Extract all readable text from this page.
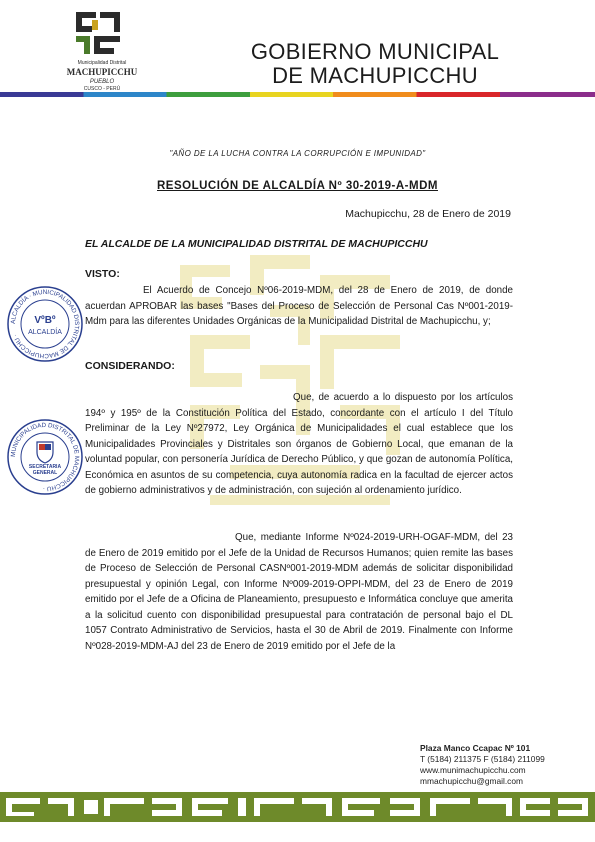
Municipalidad Distrital
MACHUPICCHU
PUEBLO
CUSCO - PERÚ
GOBIERNO MUNICIPAL
DE MACHUPICCHU
"AÑO DE LA LUCHA CONTRA LA CORRUPCIÓN E IMPUNIDAD"
RESOLUCIÓN DE ALCALDÍA Nº 30-2019-A-MDM
Machupicchu, 28 de Enero de 2019
EL ALCALDE DE LA MUNICIPALIDAD DISTRITAL DE MACHUPICCHU
VISTO:
El Acuerdo de Concejo Nº06-2019-MDM, del 28 de Enero de 2019, de donde acuerdan APROBAR las bases "Bases del Proceso de Selección de Personal Cas Nº001-2019-Mdm para las diferentes Unidades Orgánicas de la Municipalidad Distrital de Machupicchu, y;
CONSIDERANDO:
Que, de acuerdo a lo dispuesto por los artículos 194º y 195º de la Constitución Política del Estado, concordante con el artículo I del Título Preliminar de la Ley Nº27972, Ley Orgánica de Municipalidades el cual establece que los Municipalidades Provinciales y Distritales son órganos de Gobierno Local, que emanan de la voluntad popular, con personería Jurídica de Derecho Público, y que gozan de autonomía Política, Económica en asuntos de su competencia, cuya autonomía radica en la facultad de ejercer actos de gobierno administrativos y de administración, con sujeción al ordenamiento jurídico.
Que, mediante Informe Nº024-2019-URH-OGAF-MDM, del 23 de Enero de 2019 emitido por el Jefe de la Unidad de Recursos Humanos; quien remite las bases de Proceso de Selección de Personal CASNº001-2019-MDM además de solicitar disponibilidad presupuestal y opinión Legal, con Informe Nº009-2019-OPPI-MDM, del 23 de Enero de 2019 emitido por el Jefe de a Oficina de Planeamiento, presupuesto e Informática concluye que amerita a la solicitud cuento con disponibilidad presupuestal para contratación de personal bajo el DL 1057 Contrato Administrativo de Servicios, hasta el 30 de Abril de 2019. Finalmente con Informe Nº028-2019-MDM-AJ del 23 de Enero de 2019 emitido por el Jefe de la
ALCALDÍA · MUNICIPALIDAD DISTRITAL DE MACHUPICCHU ·
VºBº
ALCALDÍA
MUNICIPALIDAD DISTRITAL DE MACHUPICCHU ·
SECRETARIA GENERAL
Plaza Manco Ccapac Nº 101
T (5184) 211375 F (5184) 211099
www.munimachupicchu.com
mmachupicchu@gmail.com
